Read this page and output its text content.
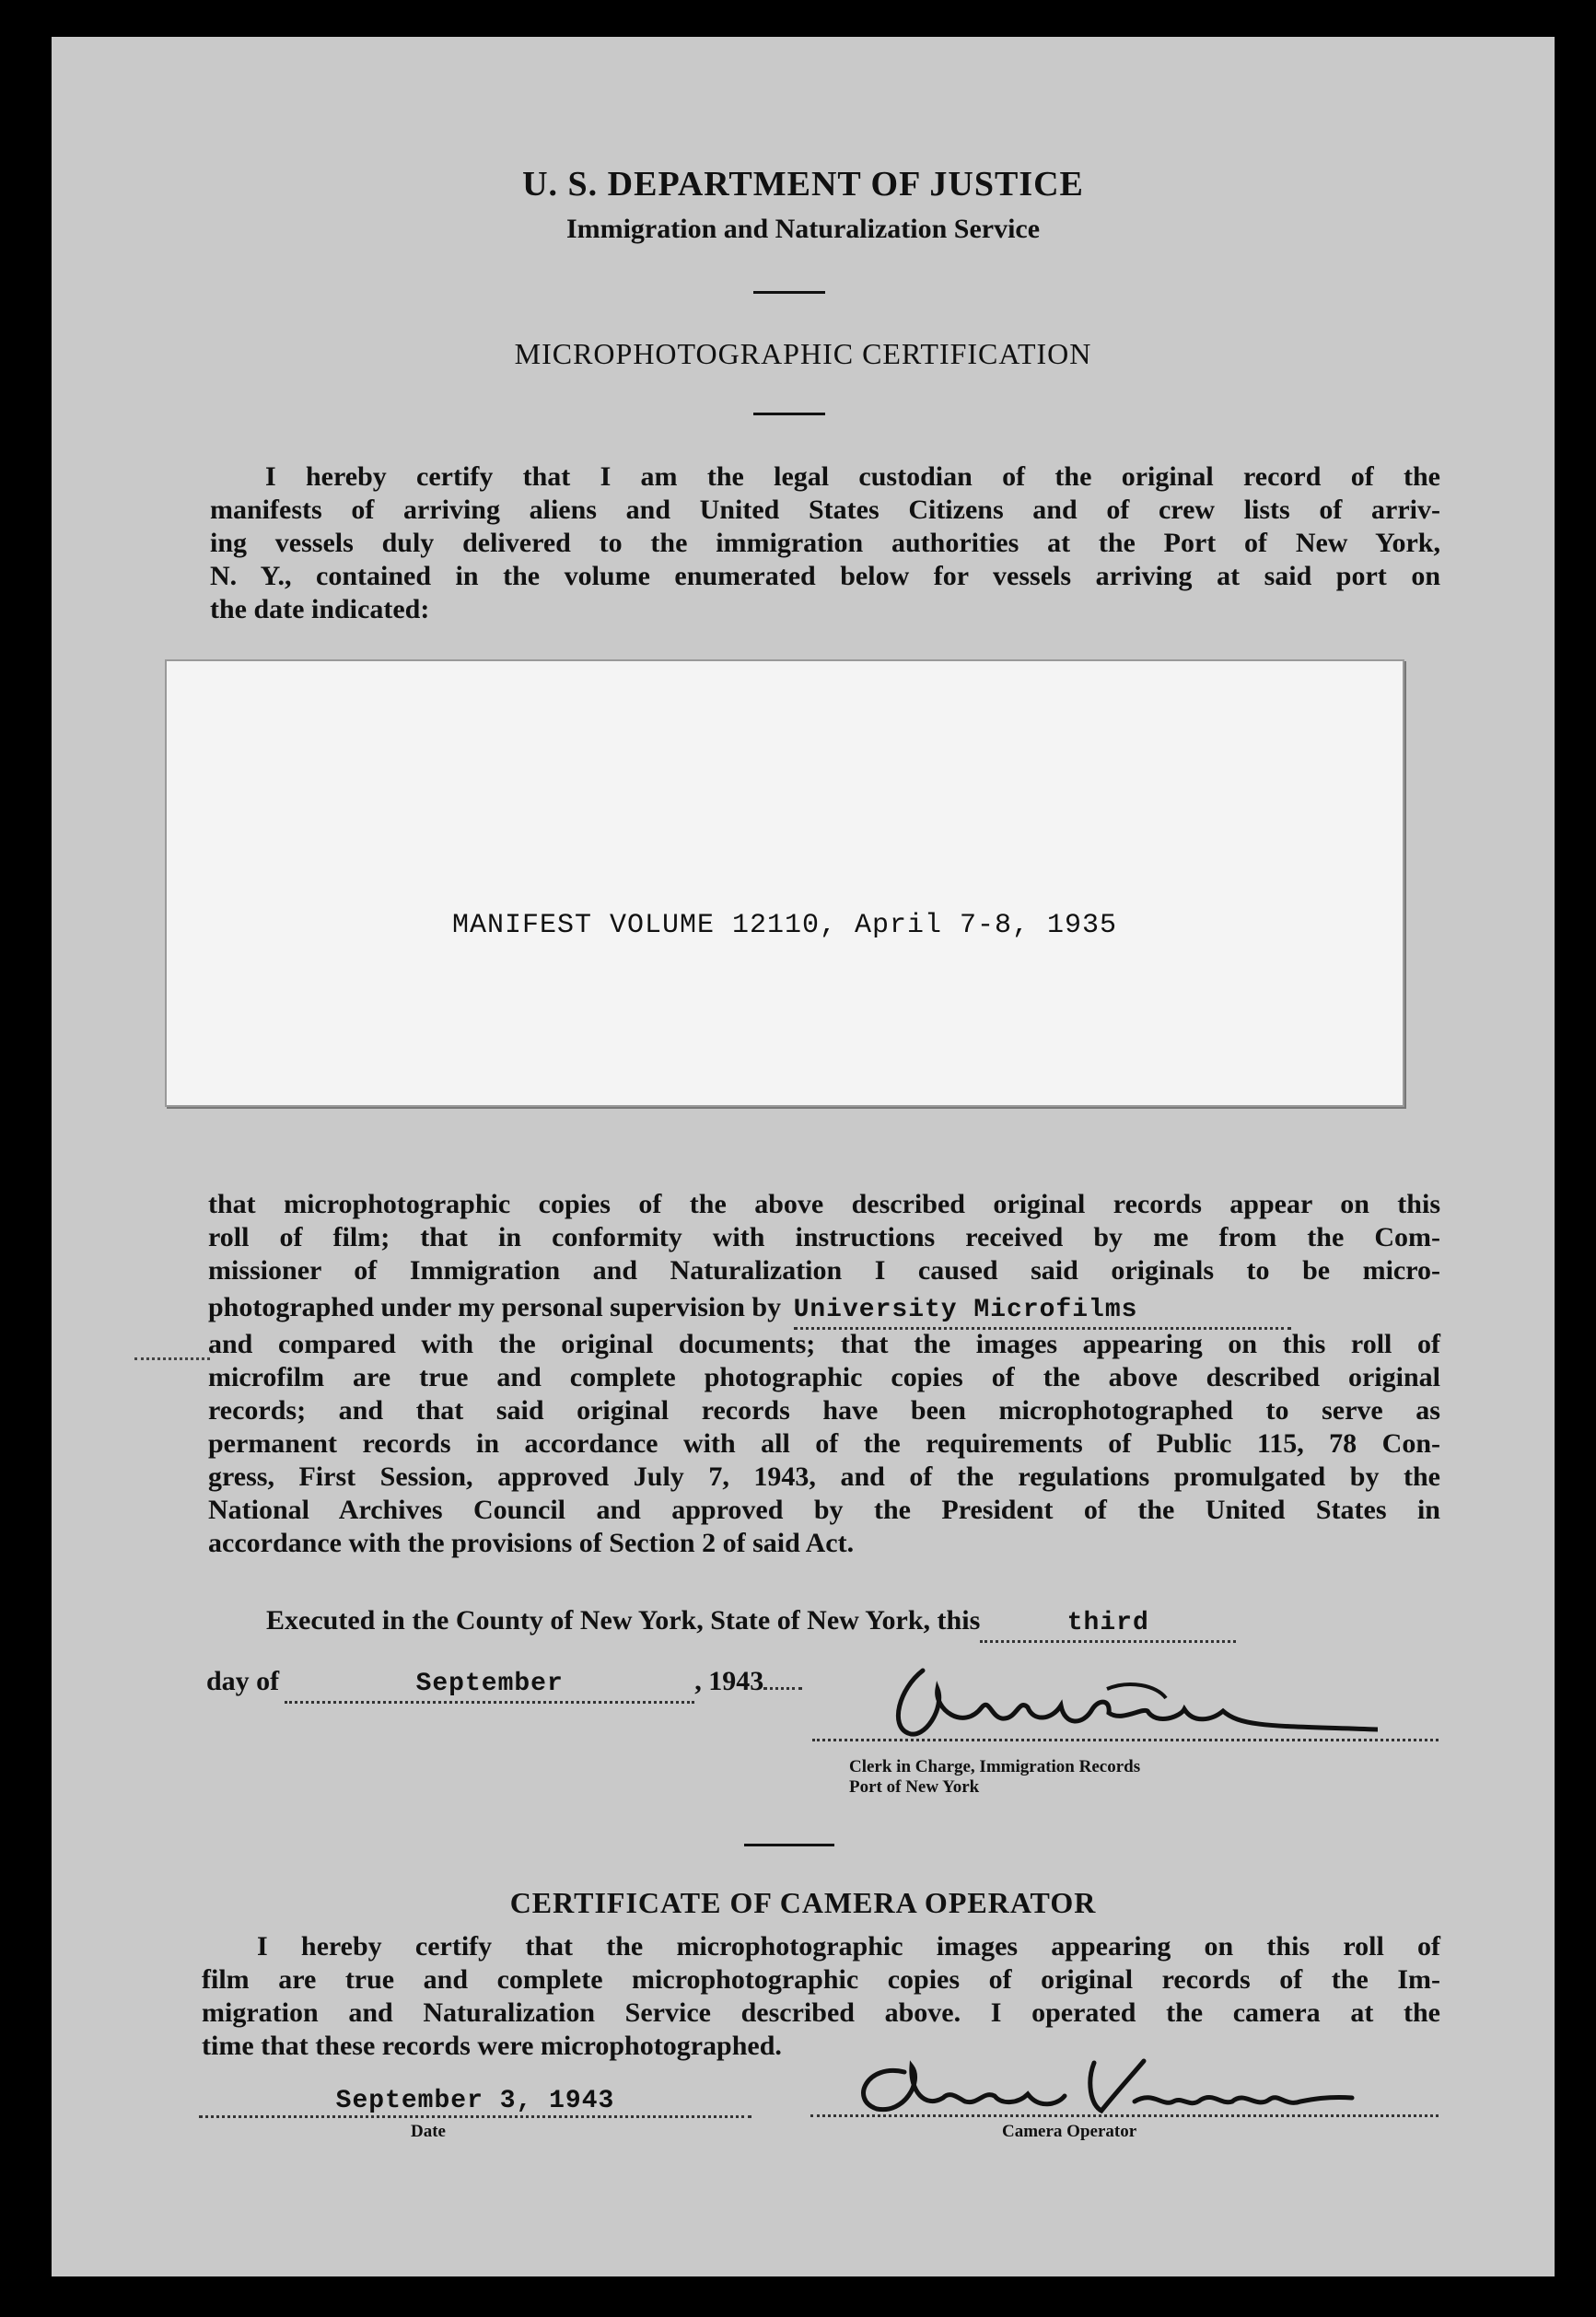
U. S. DEPARTMENT OF JUSTICE
Immigration and Naturalization Service
MICROPHOTOGRAPHIC CERTIFICATION
I hereby certify that I am the legal custodian of the original record of the
manifests of arriving aliens and United States Citizens and of crew lists of arriv-
ing vessels duly delivered to the immigration authorities at the Port of New York,
N. Y., contained in the volume enumerated below for vessels arriving at said port on
the date indicated:
MANIFEST VOLUME 12110, April 7-8, 1935
that microphotographic copies of the above described original records appear on this
roll of film; that in conformity with instructions received by me from the Com-
missioner of Immigration and Naturalization I caused said originals to be micro-
photographed under my personal supervision by University Microfilms
and compared with the original documents; that the images appearing on this roll of
microfilm are true and complete photographic copies of the above described original
records; and that said original records have been microphotographed to serve as
permanent records in accordance with all of the requirements of Public 115, 78 Con-
gress, First Session, approved July 7, 1943, and of the regulations promulgated by the
National Archives Council and approved by the President of the United States in
accordance with the provisions of Section 2 of said Act.
Executed in the County of New York, State of New York, this	third
day of	September	, 1943
Clerk in Charge, Immigration Records
Port of New York
CERTIFICATE OF CAMERA OPERATOR
I hereby certify that the microphotographic images appearing on this roll of
film are true and complete microphotographic copies of original records of the Im-
migration and Naturalization Service described above. I operated the camera at the
time that these records were microphotographed.
September 3, 1943
Date	Camera Operator
